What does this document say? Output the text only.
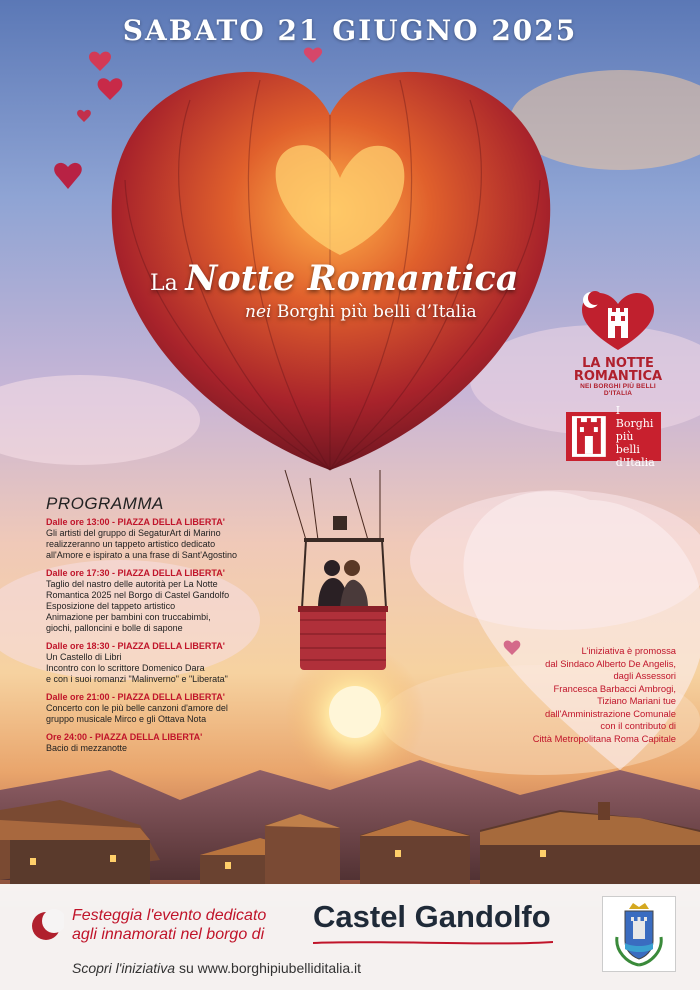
SABATO 21 GIUGNO 2025
La Notte Romantica
nei Borghi più belli d’Italia
LA NOTTE
ROMANTICA
NEI BORGHI PIÙ BELLI D'ITALIA
I Borghi
più belli
d'Italia
PROGRAMMA
Dalle ore 13:00 - PIAZZA DELLA LIBERTA'
Gli artisti del gruppo di SegaturArt di Marino
realizzeranno un tappeto artistico dedicato
all'Amore e ispirato a una frase di Sant'Agostino
Dalle ore 17:30 - PIAZZA DELLA LIBERTA'
Taglio del nastro delle autorità per La Notte
Romantica 2025 nel Borgo di Castel Gandolfo
Esposizione del tappeto artistico
Animazione per bambini con truccabimbi,
giochi, palloncini e bolle di sapone
Dalle ore 18:30 - PIAZZA DELLA LIBERTA'
Un Castello di Libri
Incontro con lo scrittore Domenico Dara
e con i suoi romanzi "Malinverno" e "Liberata"
Dalle ore 21:00 - PIAZZA DELLA LIBERTA'
Concerto con le più belle canzoni d'amore del
gruppo musicale Mirco e gli Ottava Nota
Ore 24:00 - PIAZZA DELLA LIBERTA'
Bacio di mezzanotte
L'iniziativa è promossa
dal Sindaco Alberto De Angelis,
dagli Assessori
Francesca Barbacci Ambrogi,
Tiziano Mariani tue
dall'Amministrazione Comunale
con il contributo di
Città Metropolitana Roma Capitale
Festeggia l'evento dedicato
agli innamorati nel borgo di
Castel Gandolfo
Scopri l'iniziativa su www.borghipiubelliditalia.it
